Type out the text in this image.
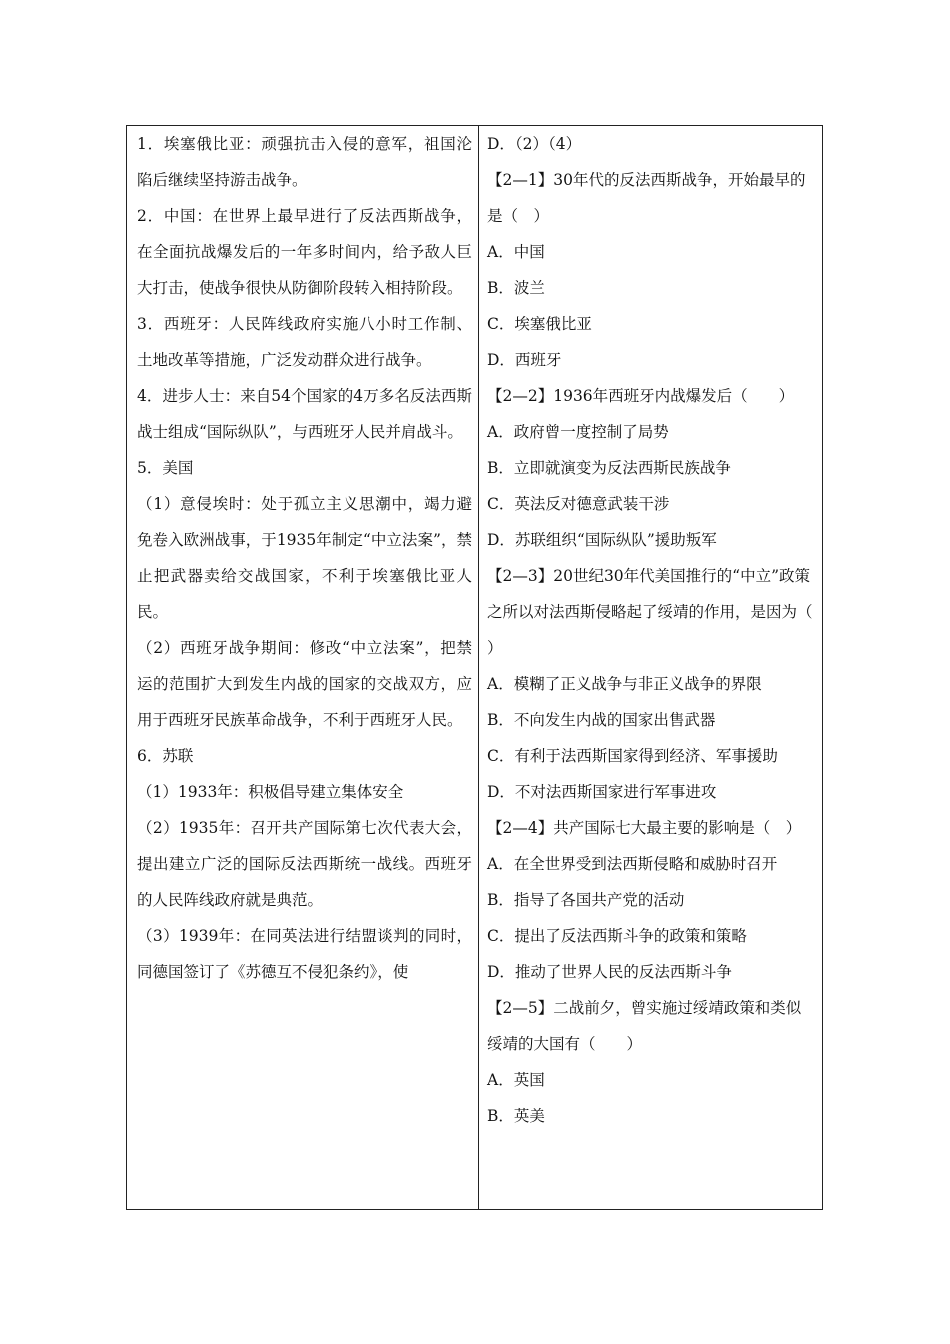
1．埃塞俄比亚：顽强抗击入侵的意军，祖国沦陷后继续坚持游击战争。

2．中国：在世界上最早进行了反法西斯战争，在全面抗战爆发后的一年多时间内，给予敌人巨大打击，使战争很快从防御阶段转入相持阶段。

3．西班牙：人民阵线政府实施八小时工作制、土地改革等措施，广泛发动群众进行战争。

4．进步人士：来自54个国家的4万多名反法西斯战士组成“国际纵队”，与西班牙人民并肩战斗。

5．美国

（1）意侵埃时：处于孤立主义思潮中，竭力避免卷入欧洲战事，于1935年制定“中立法案”，禁止把武器卖给交战国家，不利于埃塞俄比亚人民。

（2）西班牙战争期间：修改“中立法案”，把禁运的范围扩大到发生内战的国家的交战双方，应用于西班牙民族革命战争，不利于西班牙人民。

6．苏联

（1）1933年：积极倡导建立集体安全

（2）1935年：召开共产国际第七次代表大会，提出建立广泛的国际反法西斯统一战线。西班牙的人民阵线政府就是典范。

（3）1939年：在同英法进行结盟谈判的同时，同德国签订了《苏德互不侵犯条约》，使

D．（2）（4）

【2—1】30年代的反法西斯战争，开始最早的是（　）

A．中国

B．波兰

C．埃塞俄比亚

D．西班牙

【2—2】1936年西班牙内战爆发后（　　）

A．政府曾一度控制了局势

B．立即就演变为反法西斯民族战争

C．英法反对德意武装干涉

D．苏联组织“国际纵队”援助叛军

【2—3】20世纪30年代美国推行的“中立”政策之所以对法西斯侵略起了绥靖的作用，是因为（　　）

A．模糊了正义战争与非正义战争的界限

B．不向发生内战的国家出售武器

C．有利于法西斯国家得到经济、军事援助

D．不对法西斯国家进行军事进攻

【2—4】共产国际七大最主要的影响是（　）

A．在全世界受到法西斯侵略和威胁时召开

B．指导了各国共产党的活动

C．提出了反法西斯斗争的政策和策略

D．推动了世界人民的反法西斯斗争

【2—5】二战前夕，曾实施过绥靖政策和类似绥靖的大国有（　　）

A．英国

B．英美
